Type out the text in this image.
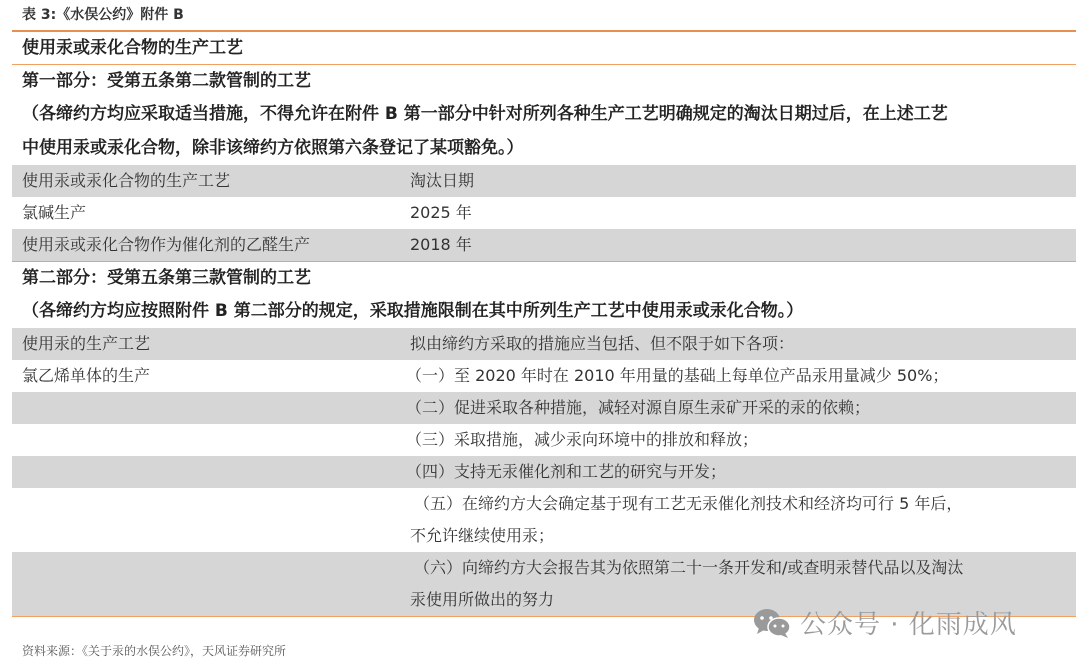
表 3:《水俣公约》附件 B
使用汞或汞化合物的生产工艺
第一部分：受第五条第二款管制的工艺
（各缔约方均应采取适当措施，不得允许在附件 B 第一部分中针对所列各种生产工艺明确规定的淘汰日期过后，在上述工艺
中使用汞或汞化合物，除非该缔约方依照第六条登记了某项豁免。）
使用汞或汞化合物的生产工艺	淘汰日期
氯碱生产	2025 年
使用汞或汞化合物作为催化剂的乙醛生产	2018 年
第二部分：受第五条第三款管制的工艺
（各缔约方均应按照附件 B 第二部分的规定，采取措施限制在其中所列生产工艺中使用汞或汞化合物。）
使用汞的生产工艺	拟由缔约方采取的措施应当包括、但不限于如下各项：
氯乙烯单体的生产	（一）至 2020 年时在 2010 年用量的基础上每单位产品汞用量减少 50%；
（二）促进采取各种措施，减轻对源自原生汞矿开采的汞的依赖；
（三）采取措施，减少汞向环境中的排放和释放；
（四）支持无汞催化剂和工艺的研究与开发；
（五）在缔约方大会确定基于现有工艺无汞催化剂技术和经济均可行 5 年后，
不允许继续使用汞；
（六）向缔约方大会报告其为依照第二十一条开发和/或查明汞替代品以及淘汰
汞使用所做出的努力
资料来源：《关于汞的水俣公约》，天风证券研究所
公众号 · 化雨成风
